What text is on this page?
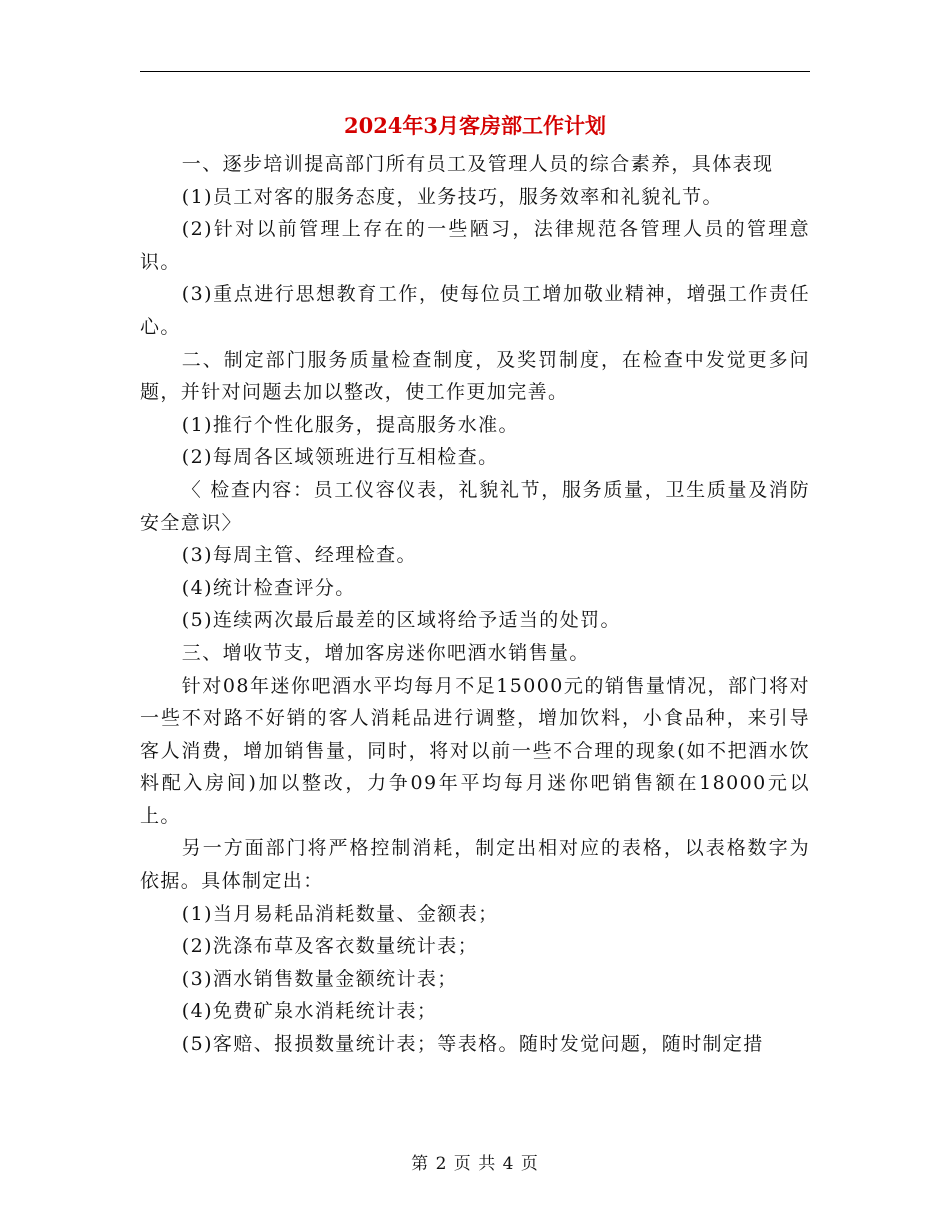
2024年3月客房部工作计划

一、逐步培训提高部门所有员工及管理人员的综合素养，具体表现

(1)员工对客的服务态度，业务技巧，服务效率和礼貌礼节。

(2)针对以前管理上存在的一些陋习，法律规范各管理人员的管理意识。

(3)重点进行思想教育工作，使每位员工增加敬业精神，增强工作责任心。

二、制定部门服务质量检查制度，及奖罚制度，在检查中发觉更多问题，并针对问题去加以整改，使工作更加完善。

(1)推行个性化服务，提高服务水准。

(2)每周各区域领班进行互相检查。

〈 检查内容：员工仪容仪表，礼貌礼节，服务质量，卫生质量及消防安全意识〉

(3)每周主管、经理检查。

(4)统计检查评分。

(5)连续两次最后最差的区域将给予适当的处罚。

三、增收节支，增加客房迷你吧酒水销售量。

针对08年迷你吧酒水平均每月不足15000元的销售量情况，部门将对一些不对路不好销的客人消耗品进行调整，增加饮料，小食品种，来引导客人消费，增加销售量，同时，将对以前一些不合理的现象(如不把酒水饮料配入房间)加以整改，力争09年平均每月迷你吧销售额在18000元以上。

另一方面部门将严格控制消耗，制定出相对应的表格，以表格数字为依据。具体制定出：

(1)当月易耗品消耗数量、金额表；

(2)洗涤布草及客衣数量统计表；

(3)酒水销售数量金额统计表；

(4)免费矿泉水消耗统计表；

(5)客赔、报损数量统计表；等表格。随时发觉问题，随时制定措

第 2 页 共 4 页
